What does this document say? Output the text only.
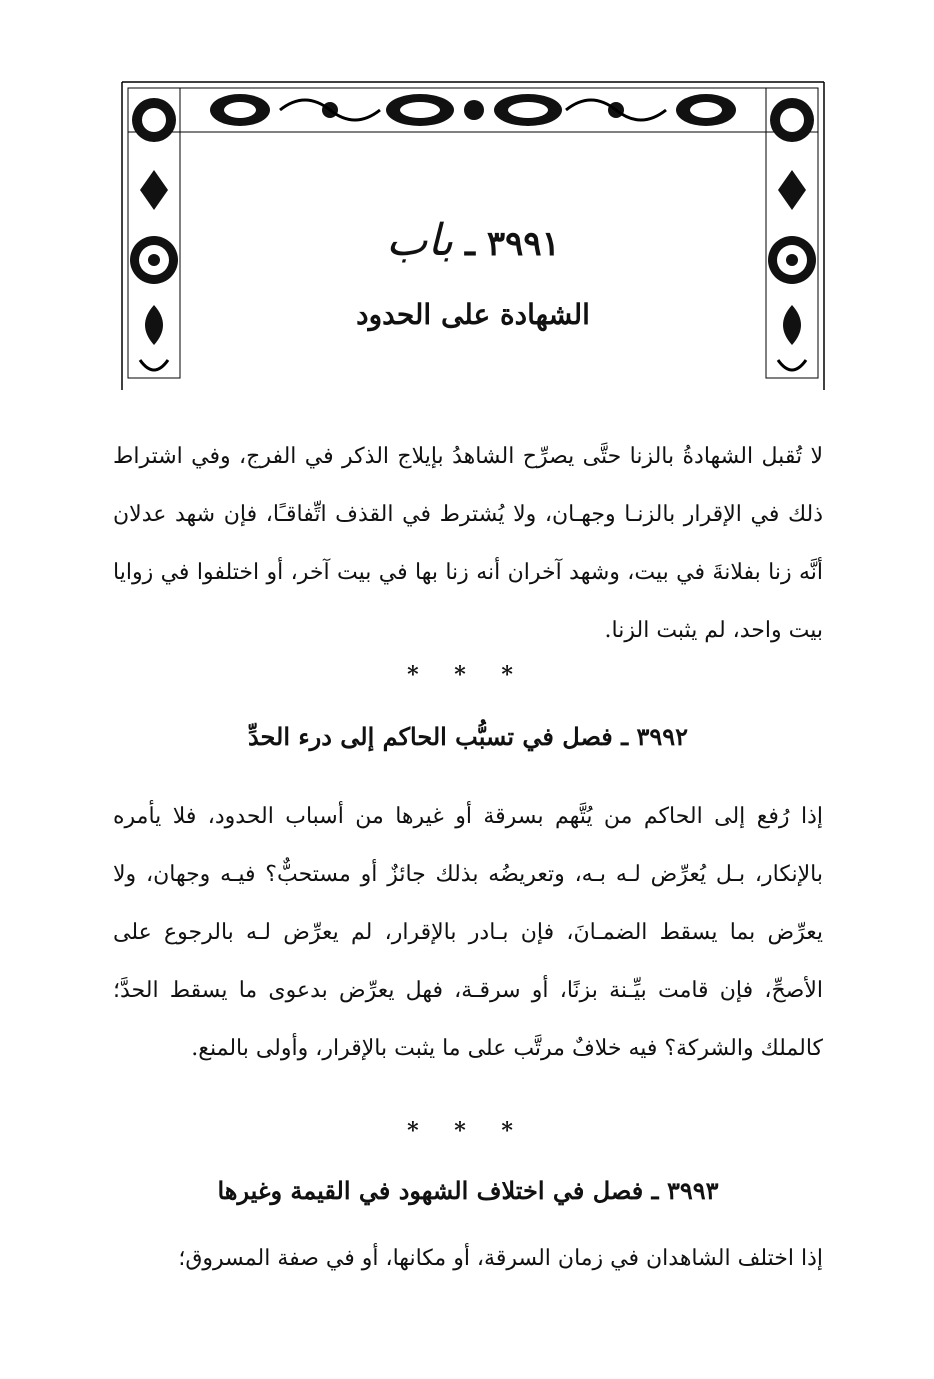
٣٩٩١ ـ باب
الشهادة على الحدود

لا تُقبل الشهادةُ بالزنا حتَّى يصرِّح الشاهدُ بإيلاج الذكر في الفرج، وفي اشتراط ذلك في الإقرار بالزنـا وجهـان، ولا يُشترط في القذف اتِّفاقـًا، فإن شهد عدلان أنَّه زنا بفلانةَ في بيت، وشهد آخران أنه زنا بها في بيت آخر، أو اختلفوا في زوايا بيت واحد، لم يثبت الزنا.

* * *
٣٩٩٢ ـ فصل في تسبُّب الحاكم إلى درء الحدِّ

إذا رُفع إلى الحاكم من يُتَّهم بسرقة أو غيرها من أسباب الحدود، فلا يأمره بالإنكار، بـل يُعرِّض لـه بـه، وتعريضُه بذلك جائزٌ أو مستحبٌّ؟ فيـه وجهان، ولا يعرِّض بما يسقط الضمـانَ، فإن بـادر بالإقرار، لم يعرِّض لـه بالرجوع على الأصحِّ، فإن قامت بيِّـنة بزنًا، أو سرقـة، فهل يعرِّض بدعوى ما يسقط الحدَّ؛ كالملك والشركة؟ فيه خلافٌ مرتَّب على ما يثبت بالإقرار، وأولى بالمنع.

* * *
٣٩٩٣ ـ فصل في اختلاف الشهود في القيمة وغيرها

إذا اختلف الشاهدان في زمان السرقة، أو مكانها، أو في صفة المسروق؛
